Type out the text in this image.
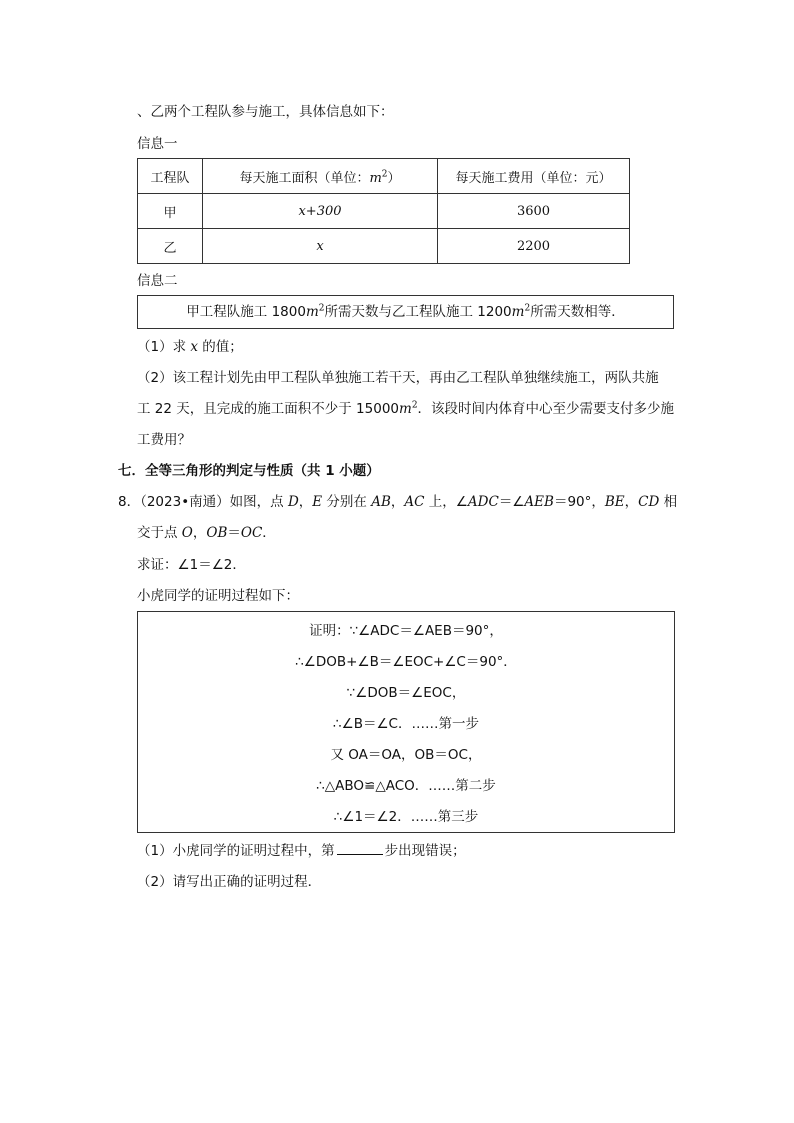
、乙两个工程队参与施工，具体信息如下：
信息一
工程队	每天施工面积（单位：$m^2$）	每天施工费用（单位：元）
甲	x+300	3600
乙	x	2200
信息二
甲工程队施工 $1800m^2$所需天数与乙工程队施工 $1200m^2$所需天数相等．
（1）求 x 的值；
（2）该工程计划先由甲工程队单独施工若干天，再由乙工程队单独继续施工，两队共施
工 22 天，且完成的施工面积不少于 $15000m^2$．该段时间内体育中心至少需要支付多少施
工费用？
七．全等三角形的判定与性质（共 1 小题）
8．（2023•南通）如图，点 D，E 分别在 AB，AC 上，∠ADC＝∠AEB＝90°，BE，CD 相
交于点 O，OB＝OC．
求证：∠1＝∠2．
小虎同学的证明过程如下：
证明：∵∠ADC＝∠AEB＝90°，
∴∠DOB+∠B＝∠EOC+∠C＝90°．
∵∠DOB＝∠EOC，
∴∠B＝∠C．……第一步
又 OA＝OA，OB＝OC，
∴△ABO≌△ACO．……第二步
∴∠1＝∠2．……第三步
（1）小虎同学的证明过程中，第	步出现错误；
（2）请写出正确的证明过程．
